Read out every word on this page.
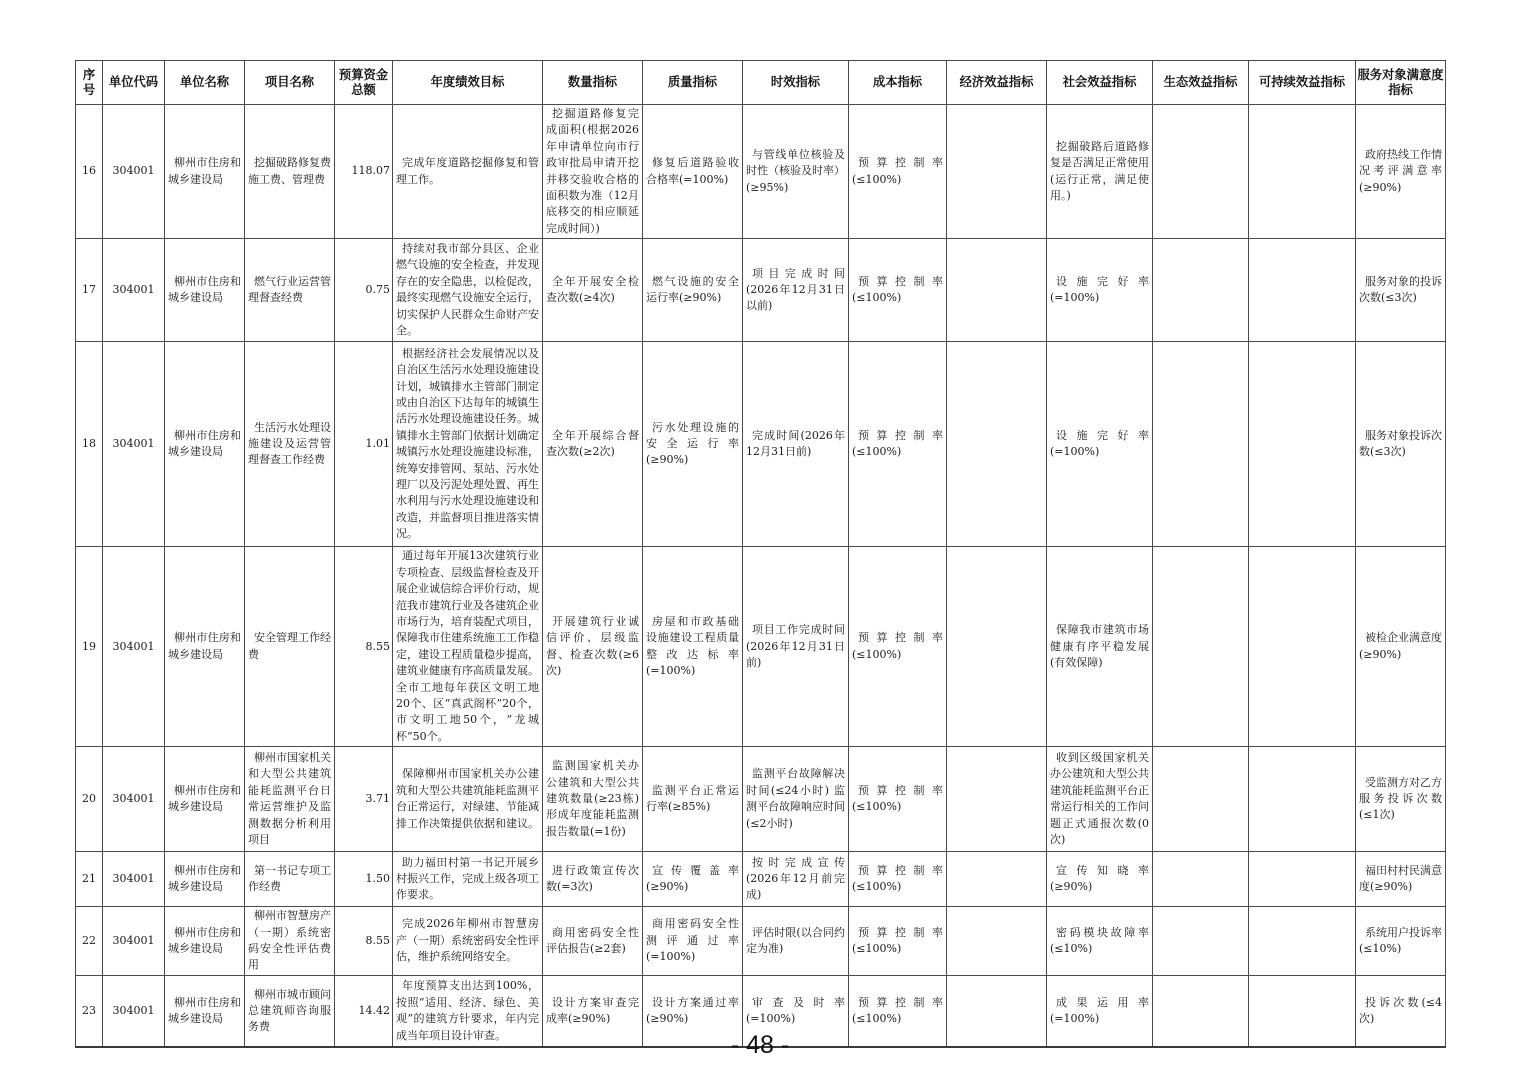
序号	单位代码	单位名称	项目名称	预算资金总额	年度绩效目标	数量指标	质量指标	时效指标	成本指标	经济效益指标	社会效益指标	生态效益指标	可持续效益指标	服务对象满意度指标
16	304001	柳州市住房和城乡建设局	挖掘破路修复费施工费、管理费	118.07	完成年度道路挖掘修复和管理工作。	挖掘道路修复完成面积(根据2026年申请单位向市行政审批局申请开挖并移交验收合格的面积数为准（12月底移交的相应顺延完成时间）)	修复后道路验收合格率(=100%)	与管线单位核验及时性（核验及时率）(≥95%)	预算控制率(≤100%)		挖掘破路后道路修复是否满足正常使用(运行正常，满足使用。)			政府热线工作情况考评满意率(≥90%)
17	304001	柳州市住房和城乡建设局	燃气行业运营管理督查经费	0.75	持续对我市部分县区、企业燃气设施的安全检查，并发现存在的安全隐患，以检促改，最终实现燃气设施安全运行，切实保护人民群众生命财产安全。	全年开展安全检查次数(≥4次)	燃气设施的安全运行率(≥90%)	项目完成时间(2026年12月31日以前)	预算控制率(≤100%)		设施完好率(=100%)			服务对象的投诉次数(≤3次)
18	304001	柳州市住房和城乡建设局	生活污水处理设施建设及运营管理督查工作经费	1.01	根据经济社会发展情况以及自治区生活污水处理设施建设计划，城镇排水主管部门制定或由自治区下达每年的城镇生活污水处理设施建设任务。城镇排水主管部门依据计划确定城镇污水处理设施建设标准，统筹安排管网、泵站、污水处理厂以及污泥处理处置、再生水利用与污水处理设施建设和改造，并监督项目推进落实情况。	全年开展综合督查次数(≥2次)	污水处理设施的安全运行率(≥90%)	完成时间(2026年12月31日前)	预算控制率(≤100%)		设施完好率(=100%)			服务对象投诉次数(≤3次)
19	304001	柳州市住房和城乡建设局	安全管理工作经费	8.55	通过每年开展13次建筑行业专项检查、层级监督检查及开展企业诚信综合评价行动，规范我市建筑行业及各建筑企业市场行为，培育装配式项目，保障我市住建系统施工工作稳定，建设工程质量稳步提高，建筑业健康有序高质量发展。全市工地每年获区文明工地20个、区“真武阁杯”20个，市文明工地50个，“龙城杯”50个。	开展建筑行业诚信评价、层级监督、检查次数(≥6次)	房屋和市政基础设施建设工程质量整改达标率(=100%)	项目工作完成时间(2026年12月31日前)	预算控制率(≤100%)		保障我市建筑市场健康有序平稳发展(有效保障)			被检企业满意度(≥90%)
20	304001	柳州市住房和城乡建设局	柳州市国家机关和大型公共建筑能耗监测平台日常运营维护及监测数据分析利用项目	3.71	保障柳州市国家机关办公建筑和大型公共建筑能耗监测平台正常运行，对绿建、节能减排工作决策提供依据和建议。	监测国家机关办公建筑和大型公共建筑数量(≥23栋) 形成年度能耗监测报告数量(=1份)	监测平台正常运行率(≥85%)	监测平台故障解决时间(≤24小时) 监测平台故障响应时间(≤2小时)	预算控制率(≤100%)		收到区级国家机关办公建筑和大型公共建筑能耗监测平台正常运行相关的工作问题正式通报次数(0次)			受监测方对乙方服务投诉次数(≤1次)
21	304001	柳州市住房和城乡建设局	第一书记专项工作经费	1.50	助力福田村第一书记开展乡村振兴工作，完成上级各项工作要求。	进行政策宣传次数(=3次)	宣传覆盖率(≥90%)	按时完成宣传(2026年12月前完成)	预算控制率(≤100%)		宣传知晓率(≥90%)			福田村村民满意度(≥90%)
22	304001	柳州市住房和城乡建设局	柳州市智慧房产（一期）系统密码安全性评估费用	8.55	完成2026年柳州市智慧房产（一期）系统密码安全性评估，维护系统网络安全。	商用密码安全性评估报告(≥2套)	商用密码安全性测评通过率(=100%)	评估时限(以合同约定为准)	预算控制率(≤100%)		密码模块故障率(≤10%)			系统用户投诉率(≤10%)
23	304001	柳州市住房和城乡建设局	柳州市城市顾问总建筑师咨询服务费	14.42	年度预算支出达到100%，按照“适用、经济、绿色、美观”的建筑方针要求，年内完成当年项目设计审查。	设计方案审查完成率(≥90%)	设计方案通过率(≥90%)	审查及时率(=100%)	预算控制率(≤100%)		成果运用率(=100%)			投诉次数(≤4次)
- 48 -
